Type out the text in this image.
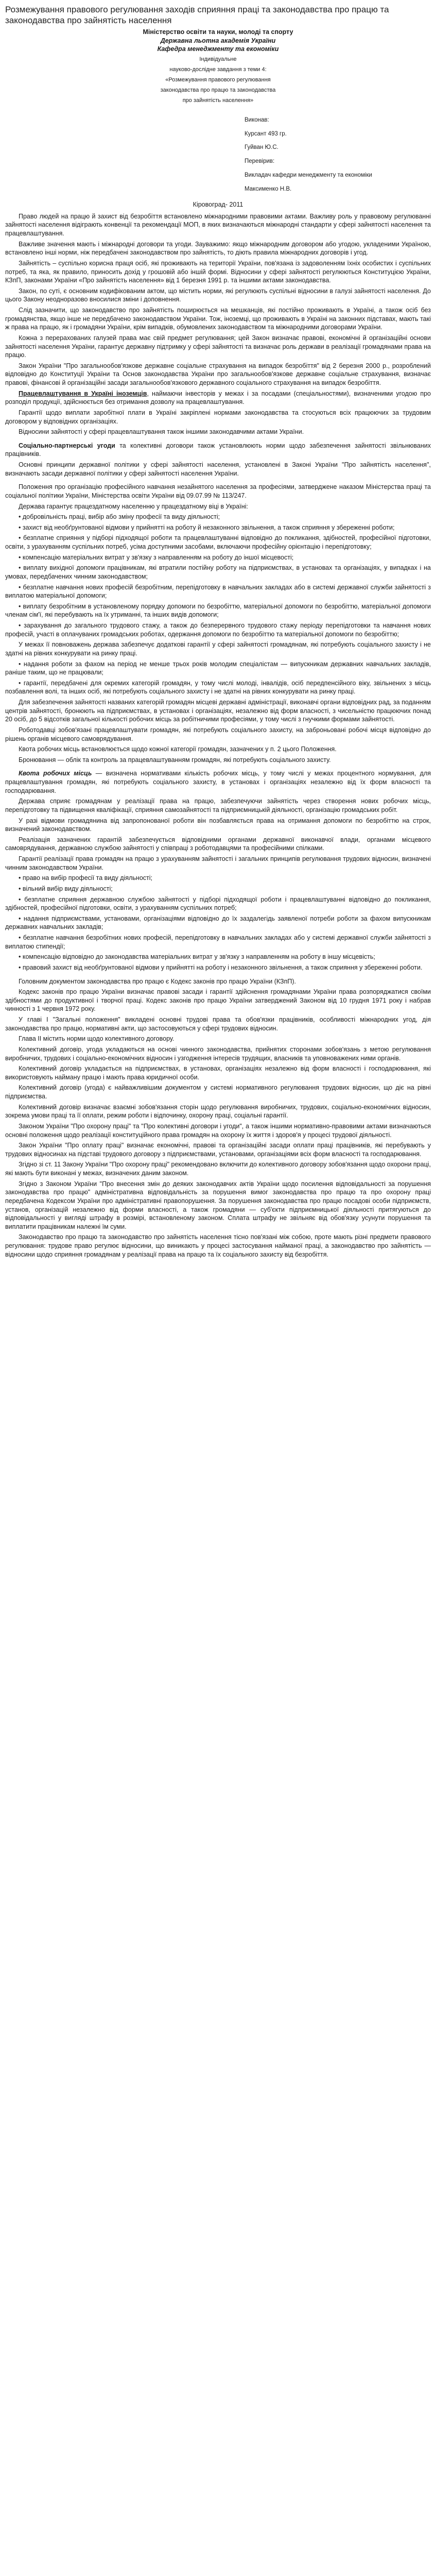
Розмежування правового регулювання заходів сприяння праці та законодавства про працю та законодавства про зайнятість населення

Міністерство освіти та науки, молоді та спорту

Державна льотна академія України

Кафедра менеджменту та економіки

Індивідуальне

науково-дослідне завдання з теми 4:

«Розмежування правового регулювання

законодавства про працю та законодавства

про зайнятість населення»

Виконав:

Курсант 493 гр.

Гуйван Ю.С.

Перевірив:

Викладач кафедри менеджменту та економіки

Максименко Н.В.

Кіровоград- 2011

Право людей на працю й захист від безробіття встановлено міжнародними правовими актами. Важливу роль у правовому регулюванні зайнятості населення відіграють конвенції та рекомендації МОП, в яких визначаються міжнародні стандарти у сфері зайнятості населення та працевлаштування.

Важливе значення мають і міжнародні договори та угоди. Зауважимо: якщо міжнародним договором або угодою, укладеними Україною, встановлено інші норми, ніж передбачені законодавством про зайнятість, то діють правила міжнародних договорів і угод.

Зайнятість – суспільно корисна праця осіб, які проживають на території України, пов'язана із задоволенням їхніх особистих і суспільних потреб, та яка, як правило, приносить дохід у грошовій або іншій формі. Відносини у сфері зайнятості регулюються Конституцією України, КЗпП, законами України «Про зайнятість населення» від 1 березня 1991 р. та іншими актами законодавства.

Закон, по суті, є основним кодифікованим актом, що містить норми, які регулюють суспільні відносини в галузі зайнятості населення. До цього Закону неодноразово вносилися зміни і доповнення.

Слід зазначити, що законодавство про зайнятість поширюється на мешканців, які постійно проживають в Україні, а також осіб без громадянства, якщо інше не передбачено законодавством України. Тож, іноземці, що проживають в Україні на законних підставах, мають такі ж права на працю, як і громадяни України, крім випадків, обумовлених законодавством та міжнародними договорами України.

Кожна з перерахованих галузей права має свій предмет регулювання; цей Закон визначає правові, економічні й організаційні основи зайнятості населення України, гарантує державну підтримку у сфері зайнятості та визначає роль держави в реалізації громадянами права на працю.

Закон України "Про загальнообов'язкове державне соціальне страхування на випадок безробіття" від 2 березня 2000 р., розроблений відповідно до Конституції України та Основ законодавства України про загальнообов'язкове державне соціальне страхування, визначає правові, фінансові й організаційні засади загальнообов'язкового державного соціального страхування на випадок безробіття.

Працевлаштування в Україні іноземців, наймаючи інвесторів у межах і за посадами (спеціальностями), визначеними угодою про розподіл продукції, здійснюється без отримання дозволу на працевлаштування.

Гарантії щодо виплати заробітної плати в Україні закріплені нормами законодавства та стосуються всіх працюючих за трудовим договором у відповідних організаціях.

Відносини зайнятості у сфері працевлаштування також іншими законодавчими актами України.

Соціально-партнерські угоди та колективні договори також установлюють норми щодо забезпечення зайнятості звільнюваних працівників.

Основні принципи державної політики у сфері зайнятості населення, установлені в Законі України "Про зайнятість населення", визначають засади державної політики у сфері зайнятості населення України.

Положення про організацію професійного навчання незайнятого населення за професіями, затверджене наказом Міністерства праці та соціальної політики України, Міністерства освіти України від 09.07.99 № 113/247.

Держава гарантує працездатному населенню у працездатному віці в Україні:

• добровільність праці, вибір або зміну професії та виду діяльності;

• захист від необґрунтованої відмови у прийнятті на роботу й незаконного звільнення, а також сприяння у збереженні роботи;

• безплатне сприяння у підборі підходящої роботи та працевлаштуванні відповідно до покликання, здібностей, професійної підготовки, освіти, з урахуванням суспільних потреб, усіма доступними засобами, включаючи професійну орієнтацію і перепідготовку;

• компенсацію матеріальних витрат у зв'язку з направленням на роботу до іншої місцевості;

• виплату вихідної допомоги працівникам, які втратили постійну роботу на підприємствах, в установах та організаціях, у випадках і на умовах, передбачених чинним законодавством;

• безплатне навчання нових професій безробітним, перепідготовку в навчальних закладах або в системі державної служби зайнятості з виплатою матеріальної допомоги;

• виплату безробітним в установленому порядку допомоги по безробіттю, матеріальної допомоги по безробіттю, матеріальної допомоги членам сім'ї, які перебувають на їх утриманні, та інших видів допомоги;

• зарахування до загального трудового стажу, а також до безперервного трудового стажу періоду перепідготовки та навчання нових професій, участі в оплачуваних громадських роботах, одержання допомоги по безробіттю та матеріальної допомоги по безробіттю;

У межах її повноважень держава забезпечує додаткові гарантії у сфері зайнятості громадянам, які потребують соціального захисту і не здатні на рівних конкурувати на ринку праці.

• надання роботи за фахом на період не менше трьох років молодим спеціалістам — випускникам державних навчальних закладів, раніше таким, що не працювали;

• гарантії, передбачені для окремих категорій громадян, у тому числі молоді, інвалідів, осіб передпенсійного віку, звільнених з місць позбавлення волі, та інших осіб, які потребують соціального захисту і не здатні на рівних конкурувати на ринку праці.

Для забезпечення зайнятості названих категорій громадян місцеві державні адміністрації, виконавчі органи відповідних рад, за поданням центрів зайнятості, бронюють на підприємствах, в установах і організаціях, незалежно від форм власності, з чисельністю працюючих понад 20 осіб, до 5 відсотків загальної кількості робочих місць за робітничими професіями, у тому числі з гнучкими формами зайнятості.

Роботодавці зобов'язані працевлаштувати громадян, які потребують соціального захисту, на заброньовані робочі місця відповідно до рішень органів місцевого самоврядування.

Квота робочих місць встановлюється щодо кожної категорії громадян, зазначених у п. 2 цього Положення.

Бронювання — облік та контроль за працевлаштуванням громадян, які потребують соціального захисту.

Квота робочих місць — визначена нормативами кількість робочих місць, у тому числі у межах процентного нормування, для працевлаштування громадян, які потребують соціального захисту, в установах і організаціях незалежно від їх форм власності та господарювання.

Держава сприяє громадянам у реалізації права на працю, забезпечуючи зайнятість через створення нових робочих місць, перепідготовку та підвищення кваліфікації, сприяння самозайнятості та підприємницькій діяльності, організацію громадських робіт.

У разі відмови громадянина від запропонованої роботи він позбавляється права на отримання допомоги по безробіттю на строк, визначений законодавством.

Реалізація зазначених гарантій забезпечується відповідними органами державної виконавчої влади, органами місцевого самоврядування, державною службою зайнятості у співпраці з роботодавцями та професійними спілками.

Гарантії реалізації права громадян на працю з урахуванням зайнятості і загальних принципів регулювання трудових відносин, визначені чинним законодавством України.

• право на вибір професії та виду діяльності;

• вільний вибір виду діяльності;

• безплатне сприяння державною службою зайнятості у підборі підходящої роботи і працевлаштуванні відповідно до покликання, здібностей, професійної підготовки, освіти, з урахуванням суспільних потреб;

• надання підприємствами, установами, організаціями відповідно до їх заздалегідь заявленої потреби роботи за фахом випускникам державних навчальних закладів;

• безплатне навчання безробітних нових професій, перепідготовку в навчальних закладах або у системі державної служби зайнятості з виплатою стипендії;

• компенсацію відповідно до законодавства матеріальних витрат у зв'язку з направленням на роботу в іншу місцевість;

• правовий захист від необґрунтованої відмови у прийнятті на роботу і незаконного звільнення, а також сприяння у збереженні роботи.

Головним документом законодавства про працю є Кодекс законів про працю України (КЗпП).

Кодекс законів про працю України визначає правові засади і гарантії здійснення громадянами України права розпоряджатися своїми здібностями до продуктивної і творчої праці. Кодекс законів про працю України затверджений Законом від 10 грудня 1971 року і набрав чинності з 1 червня 1972 року.

У главі І "Загальні положення" викладені основні трудові права та обов'язки працівників, особливості міжнародних угод, дія законодавства про працю, нормативні акти, що застосовуються у сфері трудових відносин.

Глава II містить норми щодо колективного договору.

Колективний договір, угода укладаються на основі чинного законодавства, прийнятих сторонами зобов'язань з метою регулювання виробничих, трудових і соціально-економічних відносин і узгодження інтересів трудящих, власників та уповноважених ними органів.

Колективний договір укладається на підприємствах, в установах, організаціях незалежно від форм власності і господарювання, які використовують найману працю і мають права юридичної особи.

Колективний договір (угода) є найважливішим документом у системі нормативного регулювання трудових відносин, що діє на рівні підприємства.

Колективний договір визначає взаємні зобов'язання сторін щодо регулювання виробничих, трудових, соціально-економічних відносин, зокрема умови праці та її оплати, режим роботи і відпочинку, охорону праці, соціальні гарантії.

Законом України "Про охорону праці" та "Про колективні договори і угоди", а також іншими нормативно-правовими актами визначаються основні положення щодо реалізації конституційного права громадян на охорону їх життя і здоров'я у процесі трудової діяльності.

Закон України "Про оплату праці" визначає економічні, правові та організаційні засади оплати праці працівників, які перебувають у трудових відносинах на підставі трудового договору з підприємствами, установами, організаціями всіх форм власності та господарювання.

Згідно зі ст. 11 Закону України "Про охорону праці" рекомендовано включити до колективного договору зобов'язання щодо охорони праці, які мають бути виконані у межах, визначених даним законом.

Згідно з Законом України "Про внесення змін до деяких законодавчих актів України щодо посилення відповідальності за порушення законодавства про працю" адміністративна відповідальність за порушення вимог законодавства про працю та про охорону праці передбачена Кодексом України про адміністративні правопорушення. За порушення законодавства про працю посадові особи підприємств, установ, організацій незалежно від форми власності, а також громадяни — суб'єкти підприємницької діяльності притягуються до відповідальності у вигляді штрафу в розмірі, встановленому законом. Сплата штрафу не звільняє від обов'язку усунути порушення та виплатити працівникам належні їм суми.

Законодавство про працю та законодавство про зайнятість населення тісно пов'язані між собою, проте мають різні предмети правового регулювання: трудове право регулює відносини, що виникають у процесі застосування найманої праці, а законодавство про зайнятість — відносини щодо сприяння громадянам у реалізації права на працю та їх соціального захисту від безробіття.
